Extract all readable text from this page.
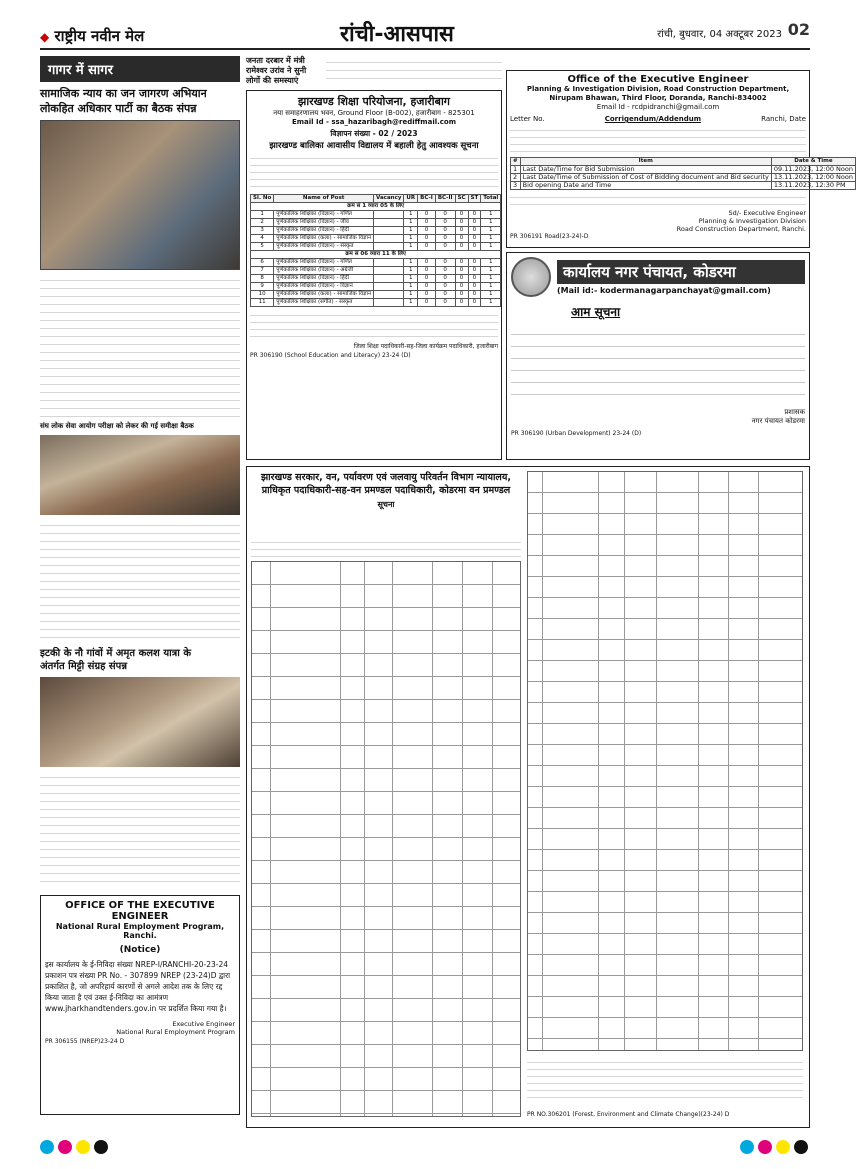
◆ राष्ट्रीय नवीन मेल	रांची-आसपास	रांची, बुधवार, 04 अक्टूबर 2023 02
गागर में सागर
सामाजिक न्याय का जन जागरण अभियान
लोकहित अधिकार पार्टी का बैठक संपन्न
संघ लोक सेवा आयोग परीक्षा को लेकर की गई समीक्षा बैठक
इटकी के नौ गांवों में अमृत कलश यात्रा के
अंतर्गत मिट्टी संग्रह संपन्न
OFFICE OF THE EXECUTIVE ENGINEER
National Rural Employment Program, Ranchi.
(Notice)
इस कार्यालय के ई-निविदा संख्या NREP-I/RANCHI-20-23-24 प्रकाशन पत्र संख्या PR No. - 307899 NREP (23-24)D द्वारा प्रकाशित है, जो अपरिहार्य कारणों से अगले आदेश तक के लिए रद्द किया जाता है एवं उक्त ई-निविदा का आमंत्रण www.jharkhandtenders.gov.in पर प्रदर्शित किया गया है।
Executive Engineer
National Rural Employment Program
PR 306155 (NREP)23-24 D
जनता दरबार में मंत्री रामेश्वर उरांव ने सुनी लोगों की समस्याएं
झारखण्ड शिक्षा परियोजना, हजारीबाग
नया समाहरणालय भवन, Ground Floor (B-002), हजारीबाग - 825301
Email Id - ssa_hazaribagh@rediffmail.com
विज्ञापन संख्या - 02 / 2023
झारखण्ड बालिका आवासीय विद्यालय में बहाली हेतु आवश्यक सूचना
Sl. No	Name of Post	Vacancy	UR	BC-I	BC-II	SC	ST	Total
क्रम सं 1 व्यारा 05 के लिए								
1	पूर्णकालिक शिक्षिका (विज्ञान) - गणित		1	0	0	0	0	1
2	पूर्णकालिक शिक्षिका (विज्ञान) - जीव		1	0	0	0	0	1
3	पूर्णकालिक शिक्षिका (विज्ञान) - हिंदी		1	0	0	0	0	1
4	पूर्णकालिक शिक्षिका (कला) - सामाजिक विज्ञान		1	0	0	0	0	1
5	पूर्णकालिक शिक्षिका (विज्ञान) - संस्कृत		1	0	0	0	0	1
क्रम सं 06 व्यारा 11 के लिए								
6	पूर्णकालिक शिक्षिका (विज्ञान) - गणित		1	0	0	0	0	1
7	पूर्णकालिक शिक्षिका (विज्ञान) - अंग्रेजी		1	0	0	0	0	1
8	पूर्णकालिक शिक्षिका (विज्ञान) - हिंदी		1	0	0	0	0	1
9	पूर्णकालिक शिक्षिका (विज्ञान) - विज्ञान		1	0	0	0	0	1
10	पूर्णकालिक शिक्षिका (कला) - सामाजिक विज्ञान		1	0	0	0	0	1
11	पूर्णकालिक शिक्षिका (संगीत) - संस्कृत		1	0	0	0	0	1
जिला शिक्षा पदाधिकारी-सह-जिला कार्यक्रम पदाधिकारी, हजारीबाग
PR 306190 (School Education and Literacy) 23-24 (D)
Office of the Executive Engineer
Planning & Investigation Division, Road Construction Department,
Nirupam Bhawan, Third Floor, Doranda, Ranchi-834002
Email Id - rcdpidranchi@gmail.com
Letter No.	Corrigendum/Addendum	Ranchi, Date
#	Item	Date & Time
1	Last Date/Time for Bid Submission	09.11.2023, 12:00 Noon
2	Last Date/Time of Submission of Cost of Bidding document and Bid security	13.11.2023, 12:00 Noon
3	Bid opening Date and Time	13.11.2023, 12:30 PM
Sd/- Executive Engineer
Planning & Investigation Division
Road Construction Department, Ranchi.
PR 306191 Road(23-24)-D
कार्यालय नगर पंचायत, कोडरमा
(Mail id:- kodermanagarpanchayat@gmail.com)
आम सूचना
प्रशासक
नगर पंचायत कोडरमा
PR 306190 (Urban Development) 23-24 (D)
झारखण्ड सरकार, वन, पर्यावरण एवं जलवायु परिवर्तन विभाग न्यायालय, प्राधिकृत पदाधिकारी-सह-वन प्रमण्डल पदाधिकारी, कोडरमा वन प्रमण्डल
सूचना
PR NO.306201 (Forest, Environment and Climate Change)(23-24) D
